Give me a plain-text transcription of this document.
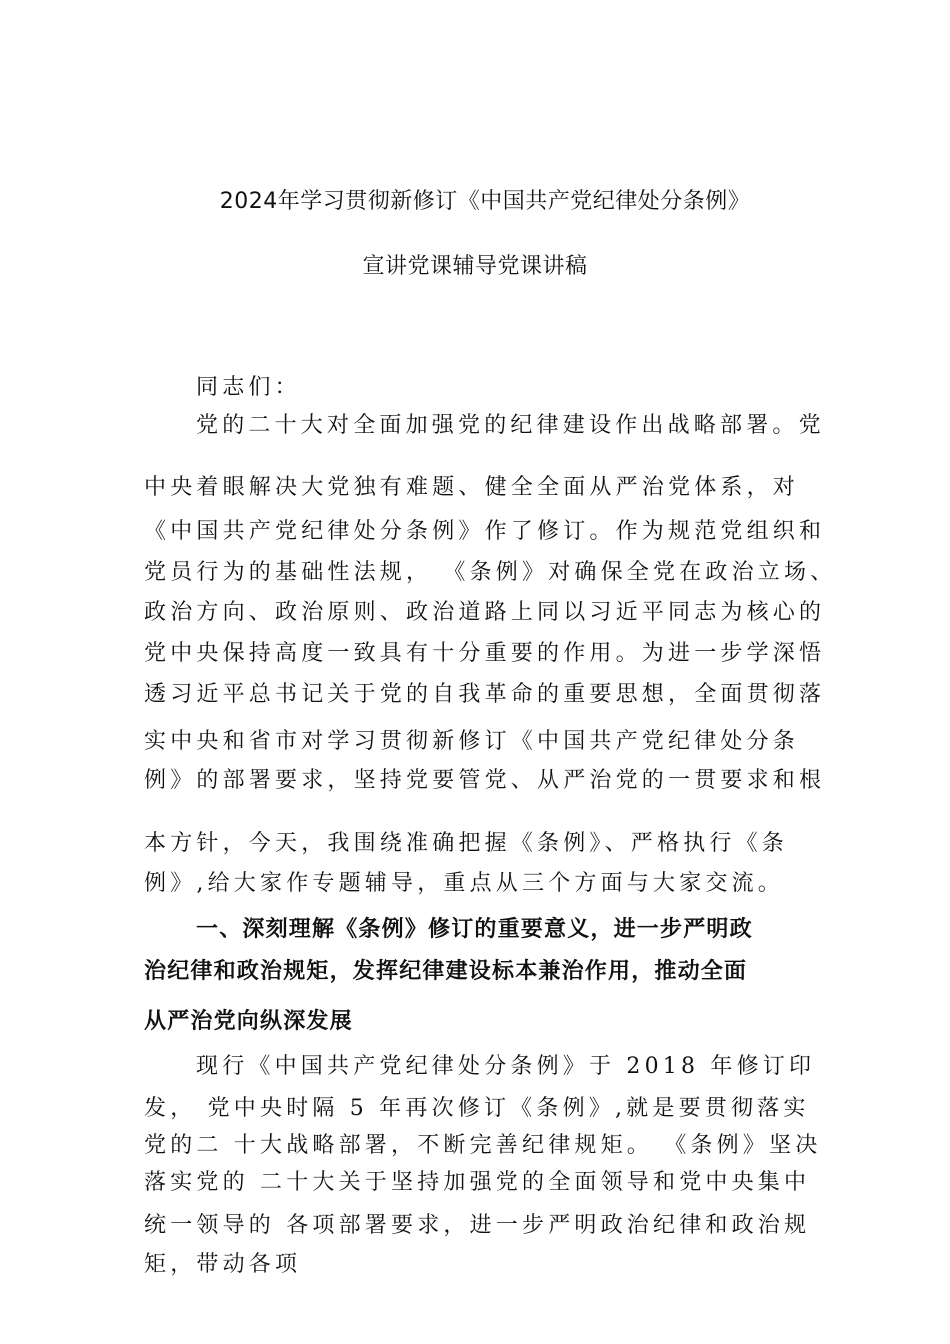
2024年学习贯彻新修订《中国共产党纪律处分条例》
宣讲党课辅导党课讲稿
同志们：
党的二十大对全面加强党的纪律建设作出战略部署。党
中央着眼解决大党独有难题、健全全面从严治党体系，对
《中国共产党纪律处分条例》作了修订。作为规范党组织和
党员行为的基础性法规， 《条例》对确保全党在政治立场、
政治方向、政治原则、政治道路上同以习近平同志为核心的
党中央保持高度一致具有十分重要的作用。为进一步学深悟
透习近平总书记关于党的自我革命的重要思想，全面贯彻落
实中央和省市对学习贯彻新修订《中国共产党纪律处分条
例》的部署要求，坚持党要管党、从严治党的一贯要求和根
本方针，今天，我围绕准确把握《条例》、严格执行《条
例》,给大家作专题辅导，重点从三个方面与大家交流。
一、深刻理解《条例》修订的重要意义，进一步严明政
治纪律和政治规矩，发挥纪律建设标本兼治作用，推动全面
从严治党向纵深发展
现行《中国共产党纪律处分条例》于 2018 年修订印
发， 党中央时隔 5 年再次修订《条例》,就是要贯彻落实
党的二 十大战略部署，不断完善纪律规矩。 《条例》坚决
落实党的 二十大关于坚持加强党的全面领导和党中央集中
统一领导的 各项部署要求，进一步严明政治纪律和政治规
矩，带动各项
